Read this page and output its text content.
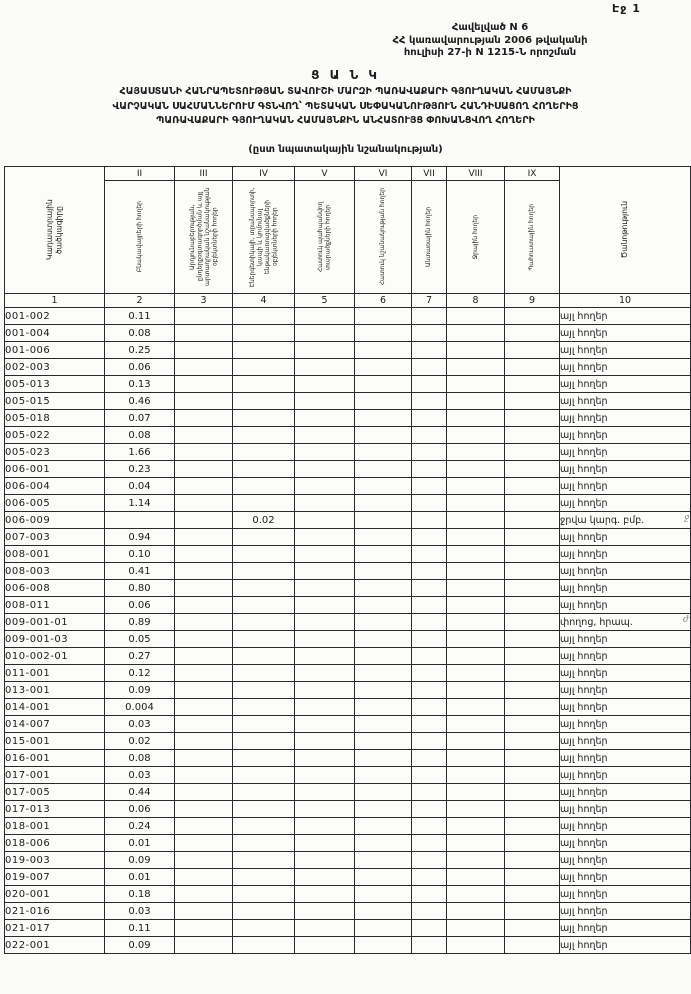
Էջ 1
Հավելված N 6
ՀՀ կառավարության 2006 թվականի
հուլիսի 27-ի N 1215-Ն որոշման
Ց Ա Ն Կ
ՀԱՅԱՍՏԱՆԻ ՀԱՆՐԱՊԵՏՈՒԹՅԱՆ ՏԱՎՈՒՇԻ ՄԱՐԶԻ ՊԱՌԱՎԱՔԱՐԻ ԳՅՈՒՂԱԿԱՆ ՀԱՄԱՅՆՔԻ
ՎԱՐՉԱԿԱՆ ՍԱՀՄԱՆՆԵՐՈՒՄ ԳՏՆՎՈՂ՝ ՊԵՏԱԿԱՆ ՍԵՓԱԿԱՆՈՒԹՅՈՒՆ ՀԱՆԴԻՍԱՑՈՂ ՀՈՂԵՐԻՑ
ՊԱՌԱՎԱՔԱՐԻ ԳՅՈՒՂԱԿԱՆ ՀԱՄԱՅՆՔԻՆ ԱՆՀԱՏՈՒՅՑ ՓՈԽԱՆՑՎՈՂ ՀՈՂԵՐԻ
(ըստ նպատակային նշանակության)
Կադաստրային ծածկագիրը	II	III	IV	V	VI	VII	VIII	IX	Ծանոթություն

	Բնակավայրերի հողեր	Արդյունաբերության, ընդերքօգտագործման և այլ արտադրական նշանակության օբյեկտների հողեր	Էներգետիկայի, տրանսպորտի, կապի և կոմունալ ենթակառուցվածքների օբյեկտների հողեր	Հատուկ պահպանվող տարածքների հողեր	Հատուկ նշանակության հողեր	Անտառային հողեր	Ջրային հողեր	Պահուստային հողեր	

1	2	3	4	5	6	7	8	9	10
001-002	0.11								այլ հողեր
001-004	0.08								այլ հողեր
001-006	0.25								այլ հողեր
002-003	0.06								այլ հողեր
005-013	0.13								այլ հողեր
005-015	0.46								այլ հողեր
005-018	0.07								այլ հողեր
005-022	0.08								այլ հողեր
005-023	1.66								այլ հողեր
006-001	0.23								այլ հողեր
006-004	0.04								այլ հողեր
006-005	1.14								այլ հողեր
006-009			0.02						ջրվա կարգ. բմբ. ջ

007-003	0.94								այլ հողեր
008-001	0.10								այլ հողեր
008-003	0.41								այլ հողեր
006-008	0.80								այլ հողեր
008-011	0.06								այլ հողեր
009-001-01	0.89								փողոց, հրապ. ժ

009-001-03	0.05								այլ հողեր
010-002-01	0.27								այլ հողեր
011-001	0.12								այլ հողեր
013-001	0.09								այլ հողեր
014-001	0.004								այլ հողեր
014-007	0.03								այլ հողեր
015-001	0.02								այլ հողեր
016-001	0.08								այլ հողեր
017-001	0.03								այլ հողեր
017-005	0.44								այլ հողեր
017-013	0.06								այլ հողեր
018-001	0.24								այլ հողեր
018-006	0.01								այլ հողեր
019-003	0.09								այլ հողեր
019-007	0.01								այլ հողեր
020-001	0.18								այլ հողեր
021-016	0.03								այլ հողեր
021-017	0.11								այլ հողեր
022-001	0.09								այլ հողեր
